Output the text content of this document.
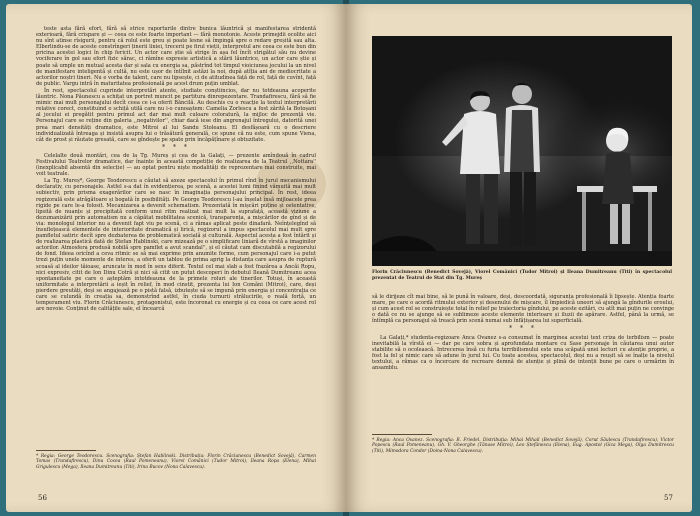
teste asta fără efort, fără să strice raporturile dintre bunica lăuntrică și manifestarea stridentă exterioară, fără crispare și — ceea ce este foarte important — fără monotonie. Aceste primejdii ocolite aici nu sînt atinse rîsigurii, pentru că rolul este greu și poate lesne să împingă spre o redare greșită sau alta. Elberlindu-se de aceste constrîngeri ținerii liniei, trecerii pe firul vieții, interpretul are ceea ce este bun din pricina acestei logici în chip fericit. Un actor care știe să strige în așa fel încît strigătul său nu devine vociferare în gol sau efort fizic sărac, ci rămîne expresie artistică a stării lăuntrice, un actor care știe și poate să umple un mutual acesta dar și sala cu energia sa, păstrînd tot timpul vioiciunea jocului la un nivel de manifestare inteligentă și cultă, nu este ușor de întîlnit astăzi la noi, după atîția ani de mediocritate a actorilor noștri tineri. Nu e vorba de talent, care nu lipsește, ci de atitudinea față de rol, față de cuvînt, față de public. Vargu intră în maturitatea profesională pe acest drum puțin umblat.

În rest, spectacolul cuprinde interpretări atente, studiate conștiincios, dar nu totdeauna acoperite lăuntric. Nona Păunescu a schițat un portret muncit pe partitura dinrepezentare. Trandafirescu, fără să fie mimic mai mult personajului decît ceea ce i-a oferit Băncilă. Au deschis cu o reacție la textul interpretării relative corect, constituind o schiță utilă care nu i-o cunoaștem: Camelia Zorlescu a fost zărită la Botoșani al jocului ei pregătit pentru primul act dar mai mult culoare coloratură, la mijloc de prezență vie. Personajul care se reține din galeria ,,negativilor'', chiar dacă iese din angrenajul întregului, datorită unei prea mari densități dramatice, este Mitroi al lui Sandu Stoleanu. El desfășoară cu o descriere individualizată întreaga și insistă asupra lui o trăsătură generală, ce spune că nu este, cum spune Viena, cât de prost și răutate gresată, care se gîndește pe spate prin încăpățînare și obtuzitate.

* * *

Celelalte două montări, cea de la Tg. Mureș și cea de la Galați, — prezente amîndouă în cadrul Festivalului Teatrelor dramatice, dar înainte în această competiție de realizarea de la Teatrul ,,Nottara'' (inexplicabil absentă din selecție) — au optat pentru niște modalități de reprezentare mai construite, mai voit teatrale.

La Tg. Mureș*, George Teodorescu a căutat să axeze spectacolul în primul rînd în jurul mecanismului declarativ, cu personajele. Astfel s-a dat în evidențierea, pe scenă, a acestei lumi finind vămuită mai mult subiectiv, prin prisma exagerărilor care se nasc în imaginația personajului principal. În rest, ideea regizorală este atrăgătoare și bogată în posibilități. Pe George Teodorescu l-au înșelat însă mijloacele prea rigide pe care le-a folosit. Mecanizarea a devenit schematism. Prezentată în mișcări puține și ostentative, lipsită de nuanțe și precipitată conform unui ritm realizat mai mult la suprafață, această viziune a dezumanizării prin automatism nu a căpătat mobilitatea scenică, transparența, a mișcărilor de gînd și de via: monologul interior nu a devenit fapt viu pe scenă, ci a rămas aplicat peste dinafară. Neînțelegînd să însuflețească elementele de interioritate dramatică și lirică, regizorul a impus spectacolul mai mult spre pamfletul satiric decît spre dezbaterea de problematică socială și culturală. Aspectul acesta a fost întărit și de realizarea plastică dată de Ștefan Hablinski, care mizează pe o simplificare liniară de vîrstă a imaginilor actorilor. Atmosfera produsă nobilă spre pamflet a avut scandal'', și el căutat cam discutabilă a regizorului de fond. Ideea oricînd a ceva ritmic se să mai exprime prin anumite forme, cum personajul care i-a putut trezi puțin unele momente de interes, a oferit un tablou de prima aprig la distanța care asupra de ruptură scoasă al ideilor tăioase, aruncate în mod în sens diferit. Textul cel mai slab a fost frazărea a Ancăi Ropu, nici expresiv, citit de Ion Dinu Cotră și nici să citit un putut descoperi în debutul Ileană Dumitreanu acea spontaneitate pe care o așteptăm intotdeauna de la primele roluri ale tinerilor. Totuși, în această uniformitate a interpretării a ieșit în relief, în mod cinstit, prezenta lui Ion Comăni (Mitroi), care, deși pierdere greutăți, deși se angajează pe o pistă falsă, izbutește să se impună prin energia și concentrația ce care se culundă în creația sa, demonstrînd astfel, în ciuda turnurii strălucirile, o reală forță, un temperament viu. Florin Crăciunescu, protagonistul, este încoronat cu energie și cu ceea ce care acest rol are nevoie. Conținut de calitățile sale, el încearcă

* Regia: George Teodorescu. Scenografia: Ștefan Hablinski. Distribuția: Florin Crăciunescu (Benedict Sovejă), Carmen Tomas (Trandafirescu), Dinu Cocea (Raul Pomeneanu), Viorel Comănici (Tudor Mitroi), Ileana Ropa (Elena), Mihai Grigulescu (Mega), Ileana Dumitreanu (Titi), Irina Bucov (Nona Calavescu).
56
Florin Crăciunescu (Benedict Sovejă), Viorel Comănici (Tudor Mitroi) și Ileana Dumitreanu (Titi) în spectacolul prezentat de Teatrul de Stat din Tg. Mureș

să le dirijeze cît mai bine, să le pună în valoare, deși, descoordată, siguranța profesională îi lipsește. Atenția foarte mare, pe care o acordă ritmului exterior și desenului de mișcare, îl împiedică uneori să ajungă la gîndurile eroului, și cum acest rol se construiește total în relief pe traiectoria gîndului, pe aceste ezitări, cu atît mai puțin ne convinge o dată ce nu se ajunge să se sublimeze aceste elemente interioare și iluzii de apărare. Astfel, până la urmă, se întîmplă ca personajul să treacă prin scenă numai sub înfățișarea lui superficială.

* * *

La Galați,* studenta-regizoare Anca Ovanez s-a consumat în marginea acestui text criza de terbilism — poate inevitabilă la vîrstă ei — dar pe care sobra și aprofundata montare cu Sase personaje în căutarea unui autor stabilite să o ocolească. Intrecerea însă cu furia terribilismului este una scăpată unei lecturi cu atenție proprie, a fost la fel și nimic care să adune în jurul lui. Cu toate acestea, spectacolul, deși nu a reușit să se înalțe la nivelul textului, a rămas ca o încercare de recreare demnă de atenție și plină de intenții bune pe care o urmărim în ansamblu.

* Regia: Anca Ovanez. Scenografia: R. Friedel. Distribuția: Mihai Mihail (Benedict Sovejă), Corut Săulescu (Trandafirescu), Victor Popescu (Raul Pomeneanu), Gh. V. Gheorghe (Tănase Mitroi), Leo Ștefănescu (Elena), Eug. Apostol (Gica Mega), Olga Dumitrescu (Titi), Mimodora Condor (Doina-Nona Calavescu).
57
